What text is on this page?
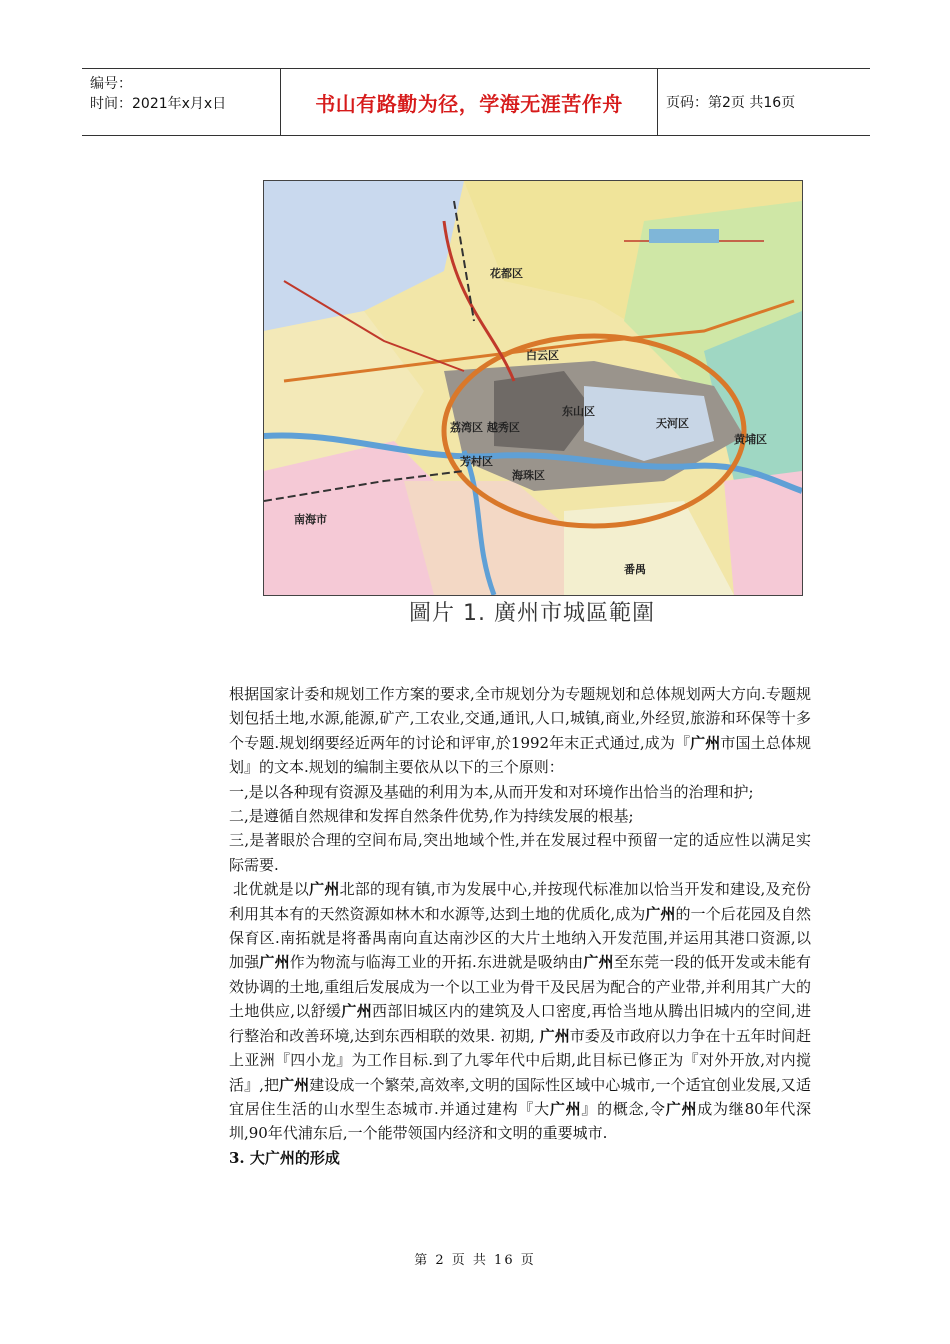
编号：
时间：2021年x月x日	书山有路勤为径，学海无涯苦作舟	页码：第2页 共16页
白云区
东山区
荔湾区 越秀区	天河区
芳村区
海珠区
花都区
南海市
黄埔区
番禺
圖片 1. 廣州市城區範圍

根据国家计委和规划工作方案的要求,全市规划分为专题规划和总体规划两大方向.专题规划包括土地,水源,能源,矿产,工农业,交通,通讯,人口,城镇,商业,外经贸,旅游和环保等十多个专题.规划纲要经近两年的讨论和评审,於1992年末正式通过,成为『广州市国土总体规划』的文本.规划的编制主要依从以下的三个原则：

一,是以各种现有资源及基础的利用为本,从而开发和对环境作出恰当的治理和护;

二,是遵循自然规律和发挥自然条件优势,作为持续发展的根基;

三,是著眼於合理的空间布局,突出地域个性,并在发展过程中预留一定的适应性以满足实际需要.

北优就是以广州北部的现有镇,市为发展中心,并按现代标准加以恰当开发和建设,及充份利用其本有的天然资源如林木和水源等,达到土地的优质化,成为广州的一个后花园及自然保育区.南拓就是将番禺南向直达南沙区的大片土地纳入开发范围,并运用其港口资源,以加强广州作为物流与临海工业的开拓.东进就是吸纳由广州至东莞一段的低开发或未能有效协调的土地,重组后发展成为一个以工业为骨干及民居为配合的产业带,并利用其广大的土地供应,以舒缓广州西部旧城区内的建筑及人口密度,再恰当地从腾出旧城内的空间,进行整治和改善环境,达到东西相联的效果. 初期, 广州市委及市政府以力争在十五年时间赶上亚洲『四小龙』为工作目标.到了九零年代中后期,此目标已修正为『对外开放,对内搅活』,把广州建设成一个繁荣,高效率,文明的国际性区域中心城市,一个适宜创业发展,又适宜居住生活的山水型生态城市.并通过建构『大广州』的概念,令广州成为继80年代深圳,90年代浦东后,一个能带领国内经济和文明的重要城市.

3. 大广州的形成

第 2 页 共 16 页
